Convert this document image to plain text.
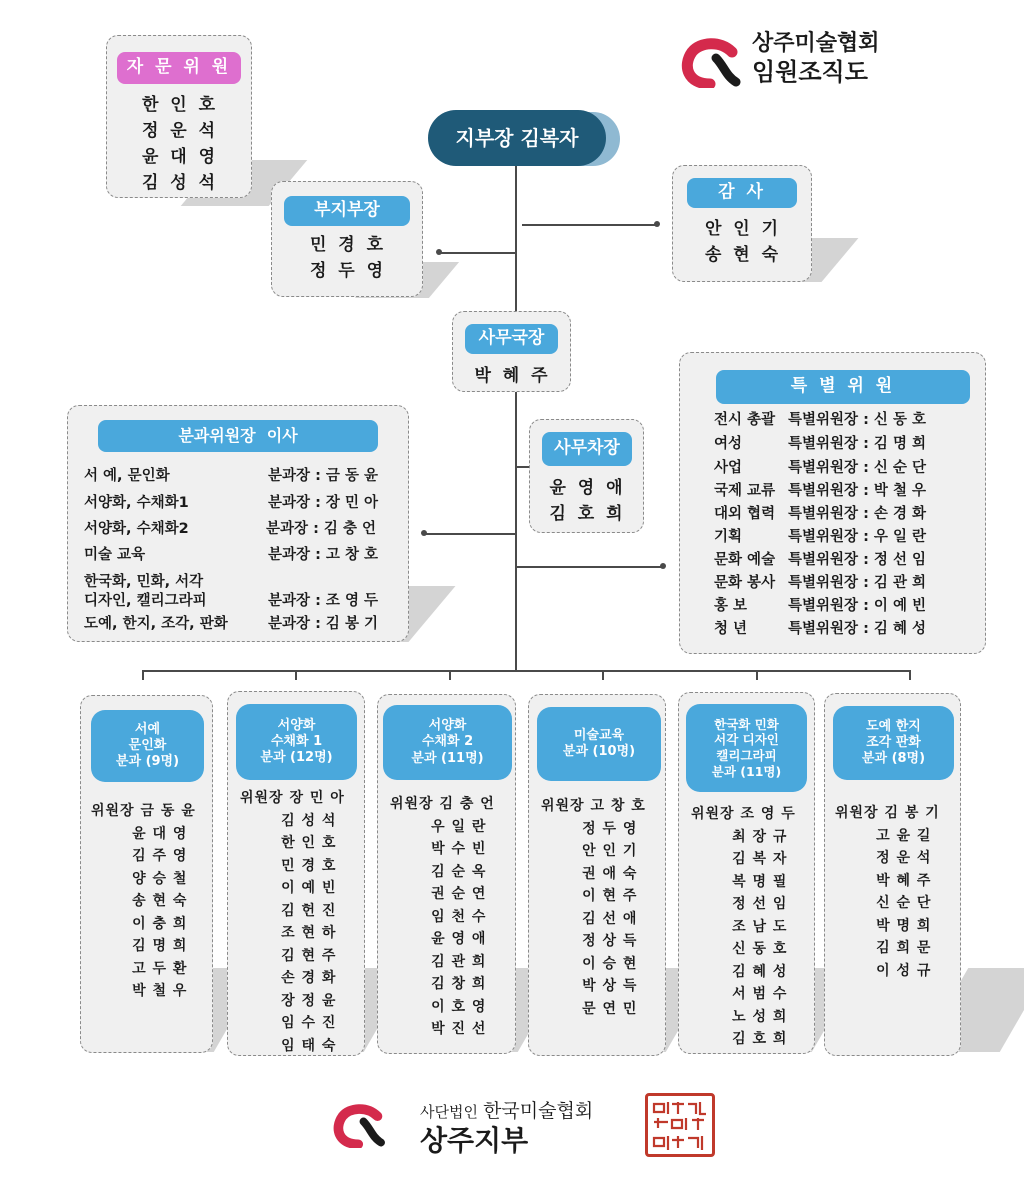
상주미술협회
임원조직도
자 문 위 원
한 인 호
정 운 석
윤 대 영
김 성 석
지부장 김복자
부지부장
민 경 호
정 두 영
감 사
안 인 기
송 현 숙
사무국장
박 혜 주
사무차장
윤 영 애
김 호 희
분과위원장  이사
서 예, 문인화	분과장 : 금 동 윤
서양화, 수채화1	분과장 : 장 민 아
서양화, 수채화2	분과장 : 김 충 언
미술 교육	분과장 : 고 창 호
한국화, 민화, 서각
디자인, 캘리그라피	분과장 : 조 영 두
도예, 한지, 조각, 판화	분과장 : 김 봉 기
특 별 위 원
전시 총괄 특별위원장 : 신 동 호
여성	특별위원장 : 김 명 희
사업	특별위원장 : 신 순 단
국제 교류 특별위원장 : 박 철 우
대외 협력 특별위원장 : 손 경 화
기획	특별위원장 : 우 일 란
문화 예술 특별위원장 : 정 선 임
문화 봉사 특별위원장 : 김 관 희
홍 보	특별위원장 : 이 예 빈
청 년	특별위원장 : 김 혜 성
서예
문인화
분과 (9명)
위원장 금 동 윤
윤 대 영
김 주 영
양 승 철
송 현 숙
이 충 희
김 명 희
고 두 환
박 철 우
서양화
수채화 1
분과 (12명)
위원장 장 민 아
김 성 석
한 인 호
민 경 호
이 예 빈
김 헌 진
조 현 하
김 현 주
손 경 화
장 정 윤
임 수 진
임 태 숙
서양화
수채화 2
분과 (11명)
위원장 김 충 언
우 일 란
박 수 빈
김 순 옥
권 순 연
임 천 수
윤 영 애
김 관 희
김 창 희
이 호 영
박 진 선
미술교육
분과 (10명)
위원장 고 창 호
정 두 영
안 인 기
권 애 숙
이 현 주
김 선 애
정 상 득
이 승 현
박 상 득
문 연 민
한국화 민화
서각 디자인
캘리그라피
분과 (11명)
위원장 조 영 두
최 장 규
김 복 자
복 명 필
정 선 임
조 남 도
신 동 호
김 혜 성
서 범 수
노 성 희
김 호 희
도예 한지
조각 판화
분과 (8명)
위원장 김 봉 기
고 윤 길
정 운 석
박 혜 주
신 순 단
박 명 희
김 희 문
이 성 규
사단법인 한국미술협회
상주지부
